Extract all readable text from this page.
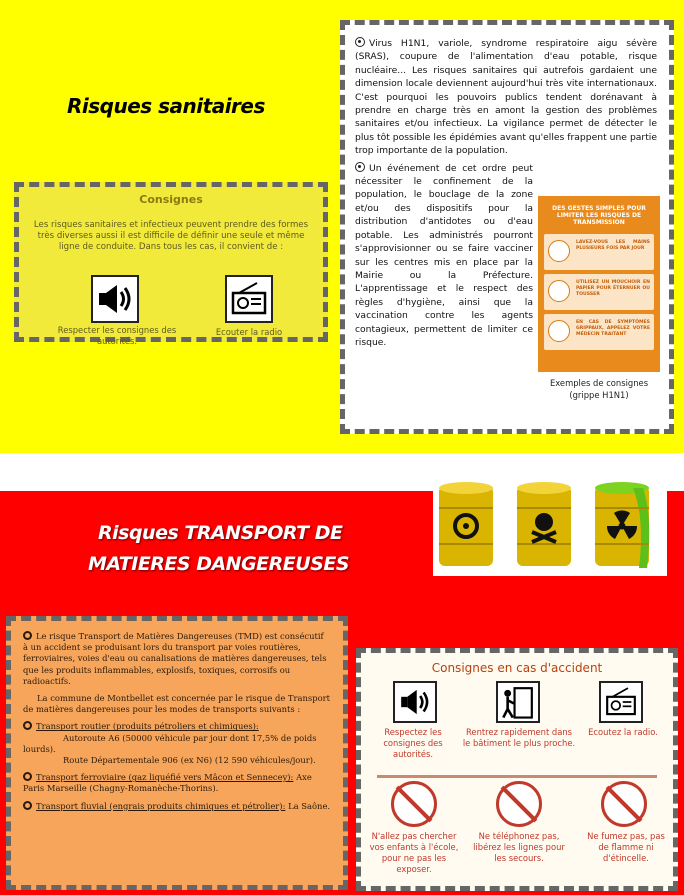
Risques sanitaires
Consignes
Les risques sanitaires et infectieux peuvent prendre des formes très diverses aussi il est difficile de définir une seule et même ligne de conduite. Dans tous les cas, il convient de :
Respecter les consignes des autorités.
Ecouter la radio

Virus H1N1, variole, syndrome respiratoire aigu sévère (SRAS), coupure de l'alimentation d'eau potable, risque nucléaire... Les risques sanitaires qui autrefois gardaient une dimension locale deviennent aujourd'hui très vite internationaux. C'est pourquoi les pouvoirs publics tendent dorénavant à prendre en charge très en amont la gestion des problèmes sanitaires et/ou infectieux. La vigilance permet de détecter le plus tôt possible les épidémies avant qu'elles frappent une partie trop importante de la population.

Un événement de cet ordre peut nécessiter le confinement de la population, le bouclage de la zone et/ou des dispositifs pour la distribution d'antidotes ou d'eau potable. Les administrés pourront s'approvisionner ou se faire vacciner sur les centres mis en place par la Mairie ou la Préfecture. L'apprentissage et le respect des règles d'hygiène, ainsi que la vaccination contre les agents contagieux, permettent de limiter ce risque.

DES GESTES SIMPLES POUR LIMITER LES RISQUES DE TRANSMISSION
LAVEZ-VOUS LES MAINS PLUSIEURS FOIS PAR JOUR
UTILISEZ UN MOUCHOIR EN PAPIER POUR ÉTERNUER OU TOUSSER
EN CAS DE SYMPTÔMES GRIPPAUX, APPELEZ VOTRE MÉDECIN TRAITANT
Exemples de consignes (grippe H1N1)
Risques TRANSPORT DE
MATIERES DANGEREUSES

Le risque Transport de Matières Dangereuses (TMD) est consécutif à un accident se produisant lors du transport par voies routières, ferroviaires, voies d'eau ou canalisations de matières dangereuses, tels que les produits inflammables, explosifs, toxiques, corrosifs ou radioactifs.

La commune de Montbellet est concernée par le risque de Transport de matières dangereuses pour les modes de transports suivants :

Transport routier (produits pétroliers et chimiques):
Autoroute A6 (50000 véhicule par jour dont 17,5% de poids lourds).
Route Départementale 906 (ex N6) (12 590 véhicules/jour).

Transport ferroviaire (gaz liquéfié vers Mâcon et Sennecey): Axe Paris Marseille (Chagny-Romanèche-Thorins).

Transport fluvial (engrais produits chimiques et pétrolier): La Saône.

Consignes en cas d'accident
Respectez les consignes des autorités.
Rentrez rapidement dans le bâtiment le plus proche.
Ecoutez la radio.
N'allez pas chercher vos enfants à l'école, pour ne pas les exposer.
Ne téléphonez pas, libérez les lignes pour les secours.
Ne fumez pas, pas de flamme ni d'étincelle.
